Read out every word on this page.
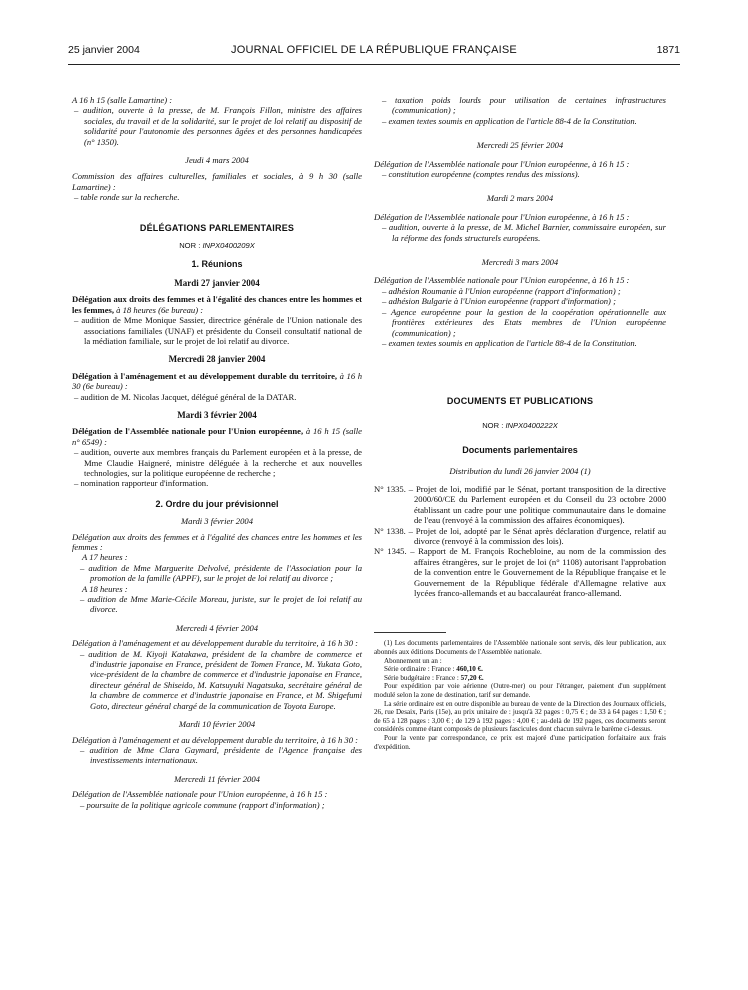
25 janvier 2004	JOURNAL OFFICIEL DE LA RÉPUBLIQUE FRANÇAISE	1871

A 16 h 15 (salle Lamartine) :

– audition, ouverte à la presse, de M. François Fillon, ministre des affaires sociales, du travail et de la solidarité, sur le projet de loi relatif au dispositif de solidarité pour l'autonomie des personnes âgées et des personnes handicapées (n° 1350).

Jeudi 4 mars 2004

Commission des affaires culturelles, familiales et sociales, à 9 h 30 (salle Lamartine) :

– table ronde sur la recherche.

DÉLÉGATIONS PARLEMENTAIRES

NOR : INPX0400209X

1. Réunions

Mardi 27 janvier 2004

Délégation aux droits des femmes et à l'égalité des chances entre les hommes et les femmes, à 18 heures (6e bureau) :

– audition de Mme Monique Sassier, directrice générale de l'Union nationale des associations familiales (UNAF) et présidente du Conseil consultatif national de la médiation familiale, sur le projet de loi relatif au divorce.

Mercredi 28 janvier 2004

Délégation à l'aménagement et au développement durable du territoire, à 16 h 30 (6e bureau) :

– audition de M. Nicolas Jacquet, délégué général de la DATAR.

Mardi 3 février 2004

Délégation de l'Assemblée nationale pour l'Union européenne, à 16 h 15 (salle n° 6549) :

– audition, ouverte aux membres français du Parlement européen et à la presse, de Mme Claudie Haigneré, ministre déléguée à la recherche et aux nouvelles technologies, sur la politique européenne de recherche ;

– nomination rapporteur d'information.

2. Ordre du jour prévisionnel

Mardi 3 février 2004

Délégation aux droits des femmes et à l'égalité des chances entre les hommes et les femmes :

A 17 heures :

– audition de Mme Marguerite Delvolvé, présidente de l'Association pour la promotion de la famille (APPF), sur le projet de loi relatif au divorce ;

A 18 heures :

– audition de Mme Marie-Cécile Moreau, juriste, sur le projet de loi relatif au divorce.

Mercredi 4 février 2004

Délégation à l'aménagement et au développement durable du territoire, à 16 h 30 :

– audition de M. Kiyoji Katakawa, président de la chambre de commerce et d'industrie japonaise en France, président de Tomen France, M. Yukata Goto, vice-président de la chambre de commerce et d'industrie japonaise en France, directeur général de Shiseido, M. Katsuyuki Nagatsuka, secrétaire général de la chambre de commerce et d'industrie japonaise en France, et M. Shigefumi Goto, directeur général chargé de la communication de Toyota Europe.

Mardi 10 février 2004

Délégation à l'aménagement et au développement durable du territoire, à 16 h 30 :

– audition de Mme Clara Gaymard, présidente de l'Agence française des investissements internationaux.

Mercredi 11 février 2004

Délégation de l'Assemblée nationale pour l'Union européenne, à 16 h 15 :

– poursuite de la politique agricole commune (rapport d'information) ;

– taxation poids lourds pour utilisation de certaines infrastructures (communication) ;

– examen textes soumis en application de l'article 88-4 de la Constitution.

Mercredi 25 février 2004

Délégation de l'Assemblée nationale pour l'Union européenne, à 16 h 15 :

– constitution européenne (comptes rendus des missions).

Mardi 2 mars 2004

Délégation de l'Assemblée nationale pour l'Union européenne, à 16 h 15 :

– audition, ouverte à la presse, de M. Michel Barnier, commissaire européen, sur la réforme des fonds structurels européens.

Mercredi 3 mars 2004

Délégation de l'Assemblée nationale pour l'Union européenne, à 16 h 15 :

– adhésion Roumanie à l'Union européenne (rapport d'information) ;

– adhésion Bulgarie à l'Union européenne (rapport d'information) ;

– Agence européenne pour la gestion de la coopération opérationnelle aux frontières extérieures des Etats membres de l'Union européenne (communication) ;

– examen textes soumis en application de l'article 88-4 de la Constitution.

DOCUMENTS ET PUBLICATIONS

NOR : INPX0400222X

Documents parlementaires

Distribution du lundi 26 janvier 2004 (1)

N° 1335. – Projet de loi, modifié par le Sénat, portant transposition de la directive 2000/60/CE du Parlement européen et du Conseil du 23 octobre 2000 établissant un cadre pour une politique communautaire dans le domaine de l'eau (renvoyé à la commission des affaires économiques).

N° 1338. – Projet de loi, adopté par le Sénat après déclaration d'urgence, relatif au divorce (renvoyé à la commission des lois).

N° 1345. – Rapport de M. François Rochebloine, au nom de la commission des affaires étrangères, sur le projet de loi (n° 1108) autorisant l'approbation de la convention entre le Gouvernement de la République française et le Gouvernement de la République fédérale d'Allemagne relative aux lycées franco-allemands et au baccalauréat franco-allemand.

(1) Les documents parlementaires de l'Assemblée nationale sont servis, dès leur publication, aux abonnés aux éditions Documents de l'Assemblée nationale.

Abonnement un an :

Série ordinaire : France : 460,10 €.

Série budgétaire : France : 57,20 €.

Pour expédition par voie aérienne (Outre-mer) ou pour l'étranger, paiement d'un supplément modulé selon la zone de destination, tarif sur demande.

La série ordinaire est en outre disponible au bureau de vente de la Direction des Journaux officiels, 26, rue Desaix, Paris (15e), au prix unitaire de : jusqu'à 32 pages : 0,75 € ; de 33 à 64 pages : 1,50 € ; de 65 à 128 pages : 3,00 € ; de 129 à 192 pages : 4,00 € ; au-delà de 192 pages, ces documents seront considérés comme étant composés de plusieurs fascicules dont chacun suivra le barème ci-dessus.

Pour la vente par correspondance, ce prix est majoré d'une participation forfaitaire aux frais d'expédition.
